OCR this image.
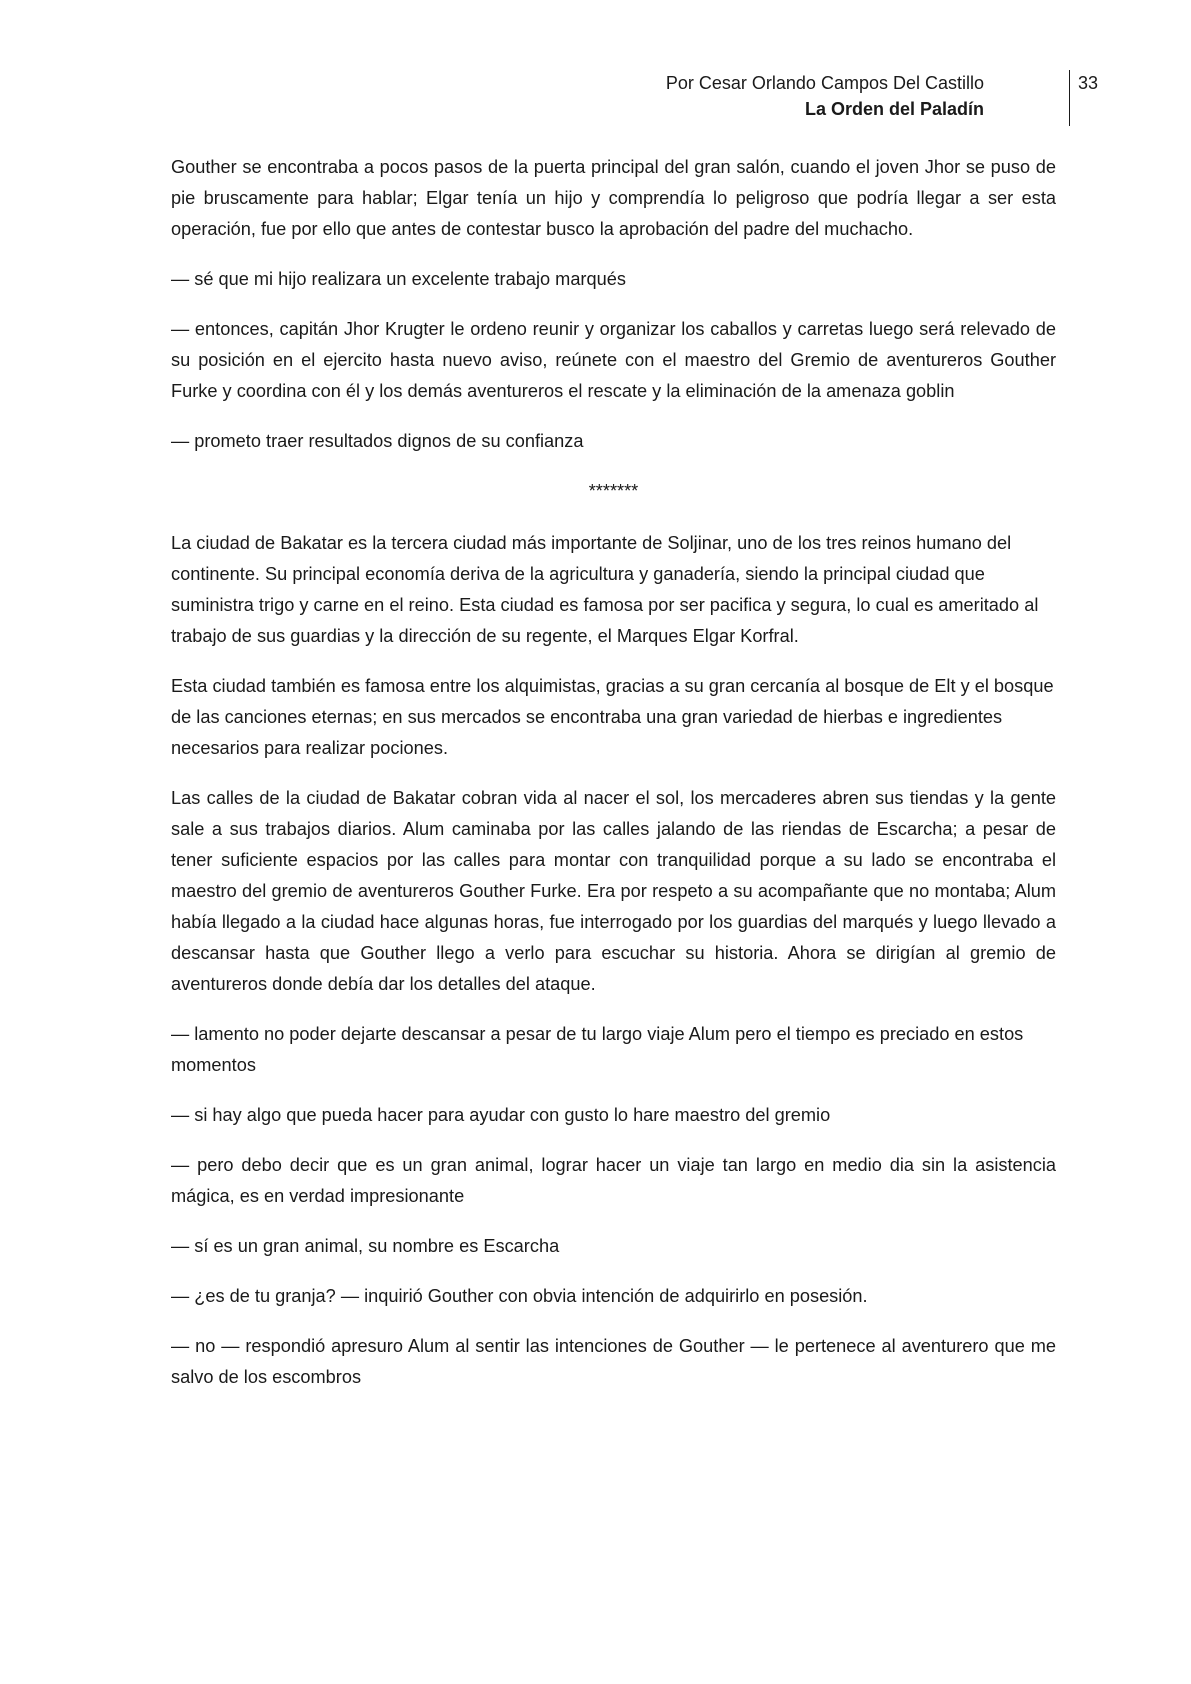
Por Cesar Orlando Campos Del Castillo
La Orden del Paladín
33

Gouther se encontraba a pocos pasos de la puerta principal del gran salón, cuando el joven Jhor se puso de pie bruscamente para hablar; Elgar tenía un hijo y comprendía lo peligroso que podría llegar a ser esta operación, fue por ello que antes de contestar busco la aprobación del padre del muchacho.

— sé que mi hijo realizara un excelente trabajo marqués

— entonces, capitán Jhor Krugter le ordeno reunir y organizar los caballos y carretas luego será relevado de su posición en el ejercito hasta nuevo aviso, reúnete con el maestro del Gremio de aventureros Gouther Furke y coordina con él y los demás aventureros el rescate y la eliminación de la amenaza goblin

— prometo traer resultados dignos de su confianza

*******

La ciudad de Bakatar es la tercera ciudad más importante de Soljinar, uno de los tres reinos humano del continente. Su principal economía deriva de la agricultura y ganadería, siendo la principal ciudad que suministra trigo y carne en el reino. Esta ciudad es famosa por ser pacifica y segura, lo cual es ameritado al trabajo de sus guardias y la dirección de su regente, el Marques Elgar Korfral.

Esta ciudad también es famosa entre los alquimistas, gracias a su gran cercanía al bosque de Elt y el bosque de las canciones eternas; en sus mercados se encontraba una gran variedad de hierbas e ingredientes necesarios para realizar pociones.

Las calles de la ciudad de Bakatar cobran vida al nacer el sol, los mercaderes abren sus tiendas y la gente sale a sus trabajos diarios. Alum caminaba por las calles jalando de las riendas de Escarcha; a pesar de tener suficiente espacios por las calles para montar con tranquilidad porque a su lado se encontraba el maestro del gremio de aventureros Gouther Furke. Era por respeto a su acompañante que no montaba; Alum había llegado a la ciudad hace algunas horas, fue interrogado por los guardias del marqués y luego llevado a descansar hasta que Gouther llego a verlo para escuchar su historia. Ahora se dirigían al gremio de aventureros donde debía dar los detalles del ataque.

— lamento no poder dejarte descansar a pesar de tu largo viaje Alum pero el tiempo es preciado en estos momentos

— si hay algo que pueda hacer para ayudar con gusto lo hare maestro del gremio

— pero debo decir que es un gran animal, lograr hacer un viaje tan largo en medio dia sin la asistencia mágica, es en verdad impresionante

— sí es un gran animal, su nombre es Escarcha

— ¿es de tu granja? — inquirió Gouther con obvia intención de adquirirlo en posesión.

— no — respondió apresuro Alum al sentir las intenciones de Gouther — le pertenece al aventurero que me salvo de los escombros
